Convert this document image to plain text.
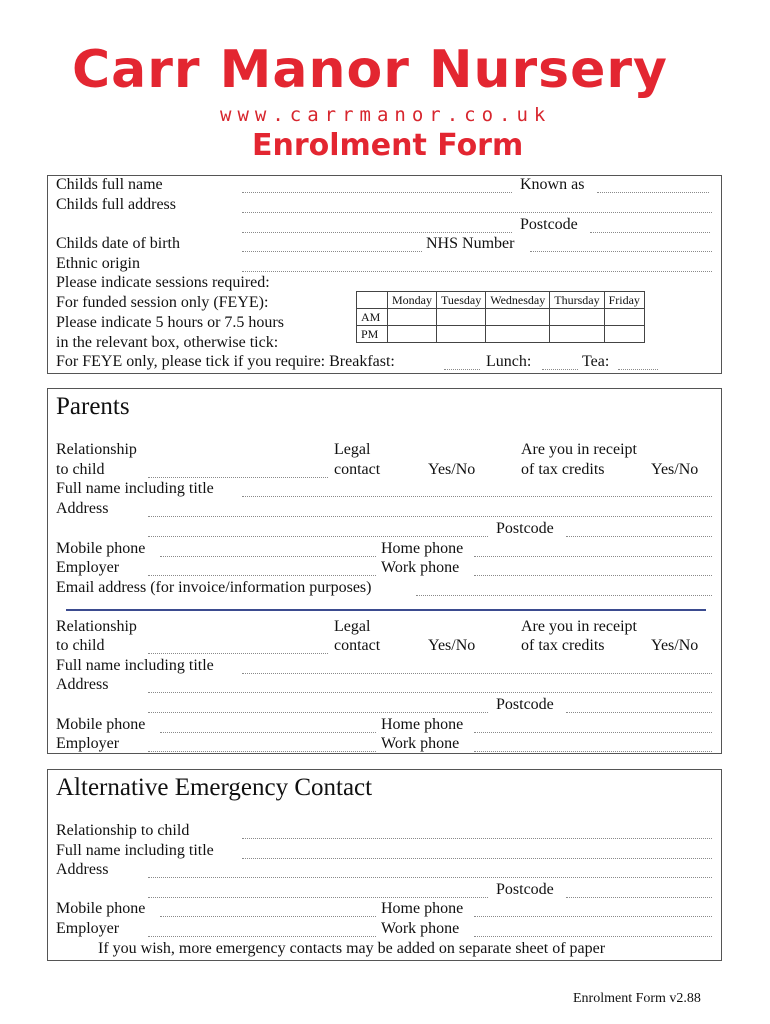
Carr Manor Nursery
www.carrmanor.co.uk
Enrolment Form
Childs full name	Known as
Childs full address
Postcode
Childs date of birth	NHS Number
Ethnic origin
Please indicate sessions required:
For funded session only (FEYE):
Please indicate 5 hours or 7.5 hours
in the relevant box, otherwise tick:
	Monday	Tuesday	Wednesday	Thursday	Friday
AM					
PM					
For FEYE only, please tick if you require: Breakfast:	Lunch:	Tea:
Parents
Relationship
to child
Legal
contact	Yes/No
Are you in receipt
of tax credits	Yes/No
Full name including title
Address
Postcode
Mobile phone	Home phone
Employer	Work phone
Email address (for invoice/information purposes)
Relationship
to child
Legal
contact	Yes/No
Are you in receipt
of tax credits	Yes/No
Full name including title
Address
Postcode
Mobile phone	Home phone
Employer	Work phone
Alternative Emergency Contact
Relationship to child
Full name including title
Address
Postcode
Mobile phone	Home phone
Employer	Work phone
If you wish, more emergency contacts may be added on separate sheet of paper
Enrolment Form v2.88
